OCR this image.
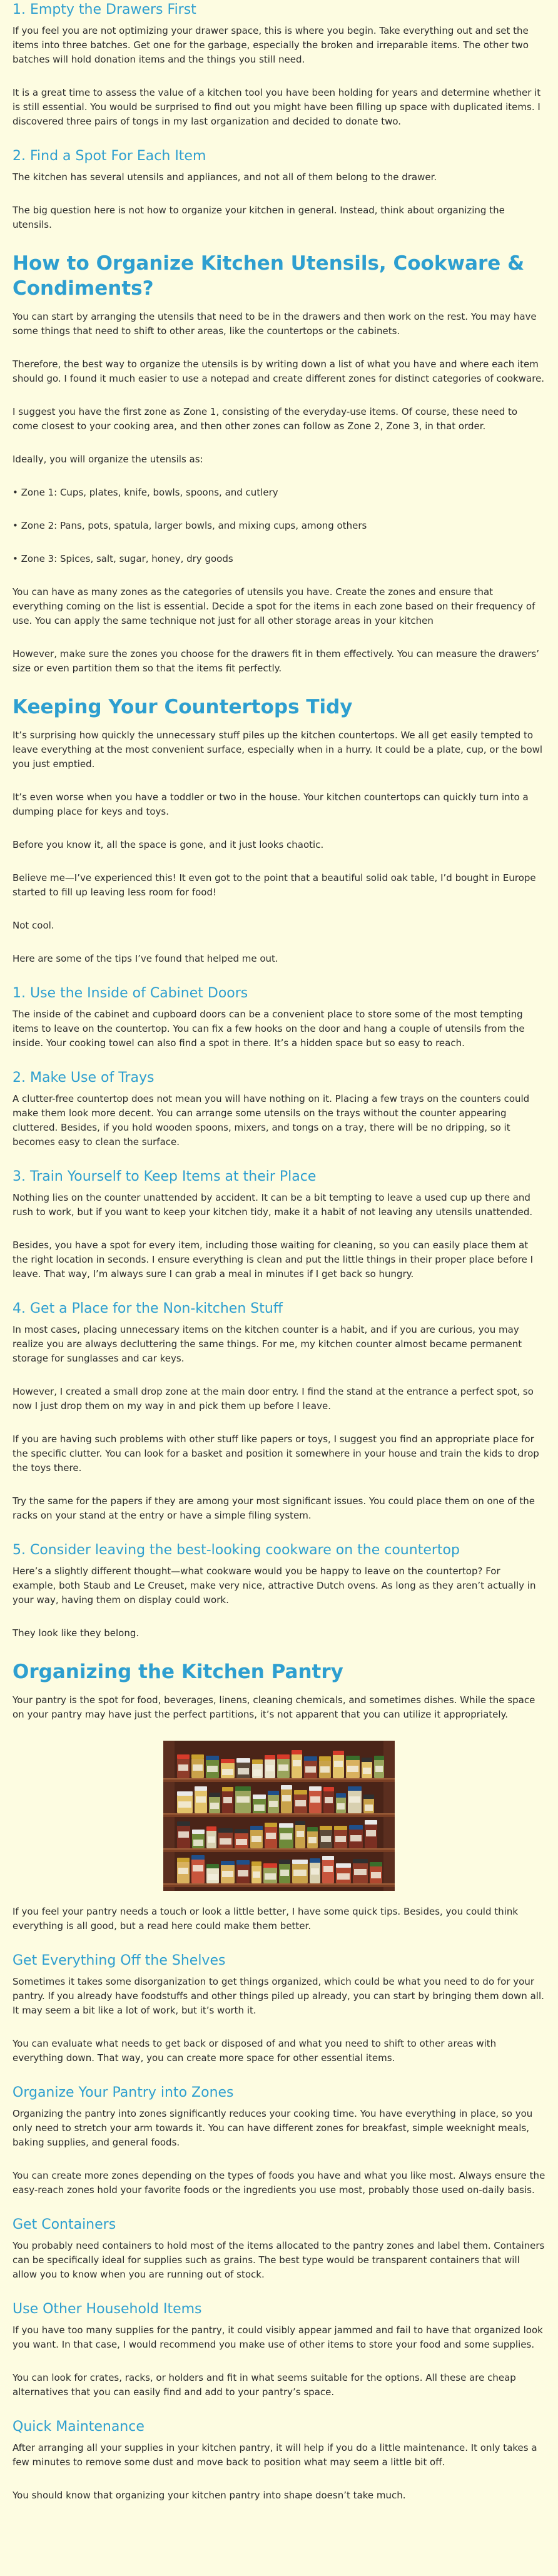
1. Empty the Drawers First

If you feel you are not optimizing your drawer space, this is where you begin. Take everything out and set the items into three batches. Get one for the garbage, especially the broken and irreparable items. The other two batches will hold donation items and the things you still need.

It is a great time to assess the value of a kitchen tool you have been holding for years and determine whether it is still essential. You would be surprised to find out you might have been filling up space with duplicated items. I discovered three pairs of tongs in my last organization and decided to donate two.

2. Find a Spot For Each Item

The kitchen has several utensils and appliances, and not all of them belong to the drawer.

The big question here is not how to organize your kitchen in general. Instead, think about organizing the utensils.

How to Organize Kitchen Utensils, Cookware & Condiments?

You can start by arranging the utensils that need to be in the drawers and then work on the rest. You may have some things that need to shift to other areas, like the countertops or the cabinets.

Therefore, the best way to organize the utensils is by writing down a list of what you have and where each item should go. I found it much easier to use a notepad and create different zones for distinct categories of cookware.

I suggest you have the first zone as Zone 1, consisting of the everyday-use items. Of course, these need to come closest to your cooking area, and then other zones can follow as Zone 2, Zone 3, in that order.

Ideally, you will organize the utensils as:

• Zone 1: Cups, plates, knife, bowls, spoons, and cutlery

• Zone 2: Pans, pots, spatula, larger bowls, and mixing cups, among others

• Zone 3: Spices, salt, sugar, honey, dry goods

You can have as many zones as the categories of utensils you have. Create the zones and ensure that everything coming on the list is essential. Decide a spot for the items in each zone based on their frequency of use. You can apply the same technique not just for all other storage areas in your kitchen

However, make sure the zones you choose for the drawers fit in them effectively. You can measure the drawers’ size or even partition them so that the items fit perfectly.

Keeping Your Countertops Tidy

It’s surprising how quickly the unnecessary stuff piles up the kitchen countertops. We all get easily tempted to leave everything at the most convenient surface, especially when in a hurry. It could be a plate, cup, or the bowl you just emptied.

It’s even worse when you have a toddler or two in the house. Your kitchen countertops can quickly turn into a dumping place for keys and toys.

Before you know it, all the space is gone, and it just looks chaotic.

Believe me—I’ve experienced this! It even got to the point that a beautiful solid oak table, I’d bought in Europe started to fill up leaving less room for food!

Not cool.

Here are some of the tips I’ve found that helped me out.

1. Use the Inside of Cabinet Doors

The inside of the cabinet and cupboard doors can be a convenient place to store some of the most tempting items to leave on the countertop. You can fix a few hooks on the door and hang a couple of utensils from the inside. Your cooking towel can also find a spot in there. It’s a hidden space but so easy to reach.

2. Make Use of Trays

A clutter-free countertop does not mean you will have nothing on it. Placing a few trays on the counters could make them look more decent. You can arrange some utensils on the trays without the counter appearing cluttered. Besides, if you hold wooden spoons, mixers, and tongs on a tray, there will be no dripping, so it becomes easy to clean the surface.

3. Train Yourself to Keep Items at their Place

Nothing lies on the counter unattended by accident. It can be a bit tempting to leave a used cup up there and rush to work, but if you want to keep your kitchen tidy, make it a habit of not leaving any utensils unattended.

Besides, you have a spot for every item, including those waiting for cleaning, so you can easily place them at the right location in seconds. I ensure everything is clean and put the little things in their proper place before I leave. That way, I’m always sure I can grab a meal in minutes if I get back so hungry.

4. Get a Place for the Non-kitchen Stuff

In most cases, placing unnecessary items on the kitchen counter is a habit, and if you are curious, you may realize you are always decluttering the same things. For me, my kitchen counter almost became permanent storage for sunglasses and car keys.

However, I created a small drop zone at the main door entry. I find the stand at the entrance a perfect spot, so now I just drop them on my way in and pick them up before I leave.

If you are having such problems with other stuff like papers or toys, I suggest you find an appropriate place for the specific clutter. You can look for a basket and position it somewhere in your house and train the kids to drop the toys there.

Try the same for the papers if they are among your most significant issues. You could place them on one of the racks on your stand at the entry or have a simple filing system.

5. Consider leaving the best-looking cookware on the countertop

Here’s a slightly different thought—what cookware would you be happy to leave on the countertop? For example, both Staub and Le Creuset, make very nice, attractive Dutch ovens. As long as they aren’t actually in your way, having them on display could work.

They look like they belong.

Organizing the Kitchen Pantry

Your pantry is the spot for food, beverages, linens, cleaning chemicals, and sometimes dishes. While the space on your pantry may have just the perfect partitions, it’s not apparent that you can utilize it appropriately.

If you feel your pantry needs a touch or look a little better, I have some quick tips. Besides, you could think everything is all good, but a read here could make them better.

Get Everything Off the Shelves

Sometimes it takes some disorganization to get things organized, which could be what you need to do for your pantry. If you already have foodstuffs and other things piled up already, you can start by bringing them down all. It may seem a bit like a lot of work, but it’s worth it.

You can evaluate what needs to get back or disposed of and what you need to shift to other areas with everything down. That way, you can create more space for other essential items.

Organize Your Pantry into Zones

Organizing the pantry into zones significantly reduces your cooking time. You have everything in place, so you only need to stretch your arm towards it. You can have different zones for breakfast, simple weeknight meals, baking supplies, and general foods.

You can create more zones depending on the types of foods you have and what you like most. Always ensure the easy-reach zones hold your favorite foods or the ingredients you use most, probably those used on-daily basis.

Get Containers

You probably need containers to hold most of the items allocated to the pantry zones and label them. Containers can be specifically ideal for supplies such as grains. The best type would be transparent containers that will allow you to know when you are running out of stock.

Use Other Household Items

If you have too many supplies for the pantry, it could visibly appear jammed and fail to have that organized look you want. In that case, I would recommend you make use of other items to store your food and some supplies.

You can look for crates, racks, or holders and fit in what seems suitable for the options. All these are cheap alternatives that you can easily find and add to your pantry’s space.

Quick Maintenance

After arranging all your supplies in your kitchen pantry, it will help if you do a little maintenance. It only takes a few minutes to remove some dust and move back to position what may seem a little bit off.

You should know that organizing your kitchen pantry into shape doesn’t take much.
